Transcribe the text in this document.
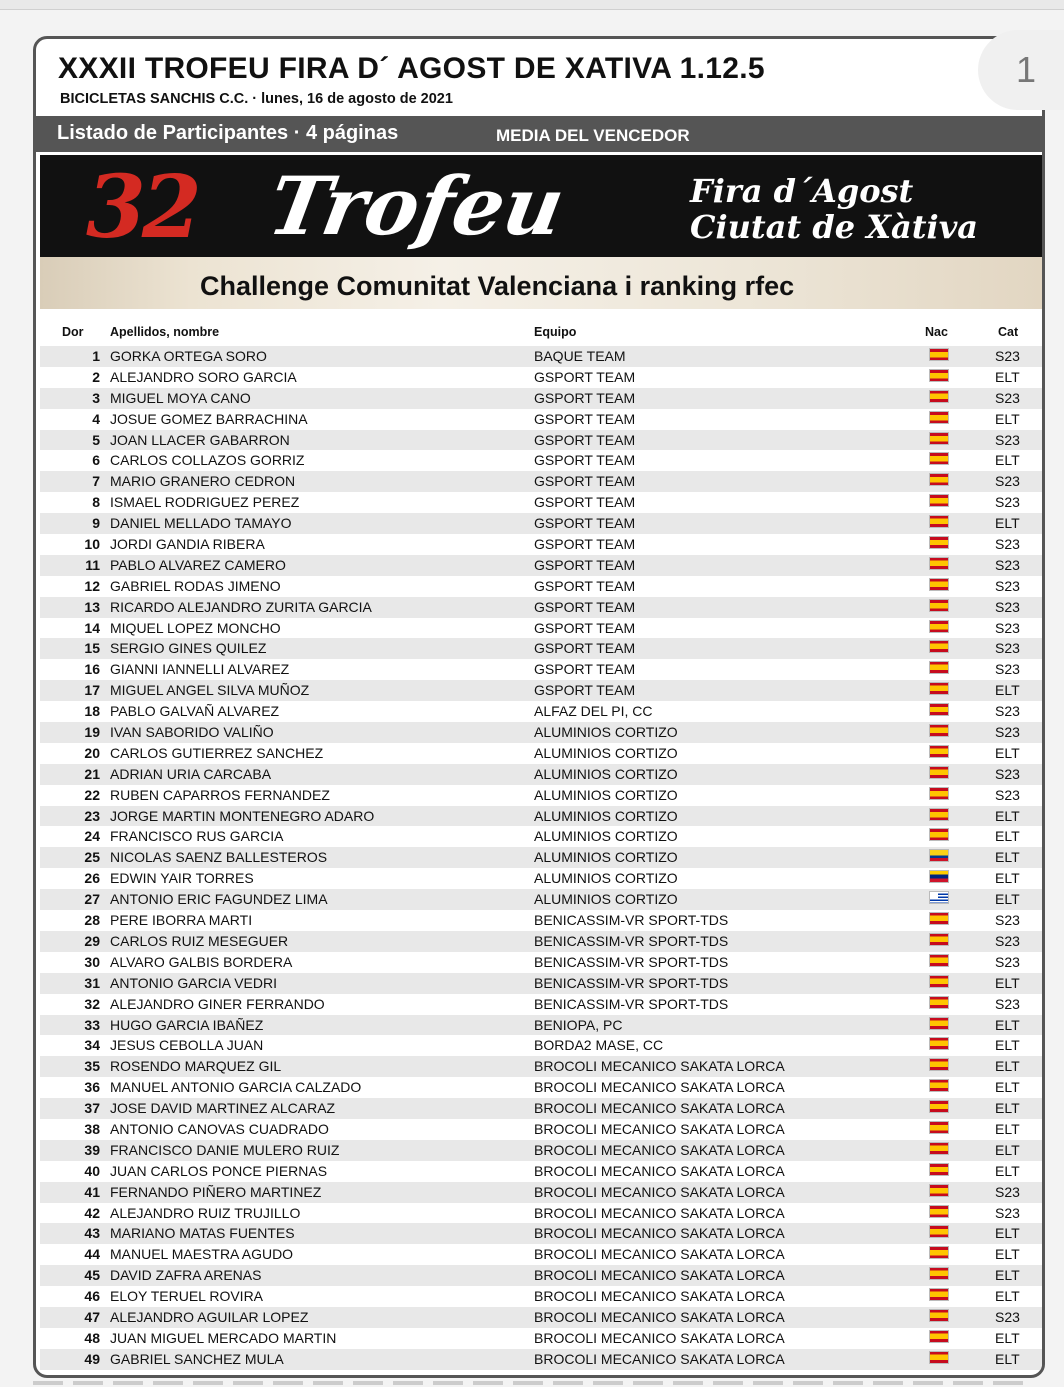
XXXII TROFEU FIRA D´ AGOST DE XATIVA 1.12.5
BICICLETAS SANCHIS C.C. · lunes, 16 de agosto de 2021
Listado de Participantes · 4 páginas	MEDIA DEL VENCEDOR
32 Trofeu	Fira d´Agost
Ciutat de Xàtiva
Challenge Comunitat Valenciana i ranking rfec
Dor Apellidos, nombre	Equipo	Nac	Cat
1 GORKA ORTEGA SORO	BAQUE TEAM	S23
2 ALEJANDRO SORO GARCIA	GSPORT TEAM	ELT
3 MIGUEL MOYA CANO	GSPORT TEAM	S23
4 JOSUE GOMEZ BARRACHINA	GSPORT TEAM	ELT
5 JOAN LLACER GABARRON	GSPORT TEAM	S23
6 CARLOS COLLAZOS GORRIZ	GSPORT TEAM	ELT
7 MARIO GRANERO CEDRON	GSPORT TEAM	S23
8 ISMAEL RODRIGUEZ PEREZ	GSPORT TEAM	S23
9 DANIEL MELLADO TAMAYO	GSPORT TEAM	ELT
10 JORDI GANDIA RIBERA	GSPORT TEAM	S23
11 PABLO ALVAREZ CAMERO	GSPORT TEAM	S23
12 GABRIEL RODAS JIMENO	GSPORT TEAM	S23
13 RICARDO ALEJANDRO ZURITA GARCIA	GSPORT TEAM	S23
14 MIQUEL LOPEZ MONCHO	GSPORT TEAM	S23
15 SERGIO GINES QUILEZ	GSPORT TEAM	S23
16 GIANNI IANNELLI ALVAREZ	GSPORT TEAM	S23
17 MIGUEL ANGEL SILVA MUÑOZ	GSPORT TEAM	ELT
18 PABLO GALVAÑ ALVAREZ	ALFAZ DEL PI, CC	S23
19 IVAN SABORIDO VALIÑO	ALUMINIOS CORTIZO	S23
20 CARLOS GUTIERREZ SANCHEZ	ALUMINIOS CORTIZO	ELT
21 ADRIAN URIA CARCABA	ALUMINIOS CORTIZO	S23
22 RUBEN CAPARROS FERNANDEZ	ALUMINIOS CORTIZO	S23
23 JORGE MARTIN MONTENEGRO ADARO	ALUMINIOS CORTIZO	ELT
24 FRANCISCO RUS GARCIA	ALUMINIOS CORTIZO	ELT
25 NICOLAS SAENZ BALLESTEROS	ALUMINIOS CORTIZO	ELT
26 EDWIN YAIR TORRES	ALUMINIOS CORTIZO	ELT
27 ANTONIO ERIC FAGUNDEZ LIMA	ALUMINIOS CORTIZO	ELT
28 PERE IBORRA MARTI	BENICASSIM-VR SPORT-TDS	S23
29 CARLOS RUIZ MESEGUER	BENICASSIM-VR SPORT-TDS	S23
30 ALVARO GALBIS BORDERA	BENICASSIM-VR SPORT-TDS	S23
31 ANTONIO GARCIA VEDRI	BENICASSIM-VR SPORT-TDS	ELT
32 ALEJANDRO GINER FERRANDO	BENICASSIM-VR SPORT-TDS	S23
33 HUGO GARCIA IBAÑEZ	BENIOPA, PC	ELT
34 JESUS CEBOLLA JUAN	BORDA2 MASE, CC	ELT
35 ROSENDO MARQUEZ GIL	BROCOLI MECANICO SAKATA LORCA	ELT
36 MANUEL ANTONIO GARCIA CALZADO	BROCOLI MECANICO SAKATA LORCA	ELT
37 JOSE DAVID MARTINEZ ALCARAZ	BROCOLI MECANICO SAKATA LORCA	ELT
38 ANTONIO CANOVAS CUADRADO	BROCOLI MECANICO SAKATA LORCA	ELT
39 FRANCISCO DANIE MULERO RUIZ	BROCOLI MECANICO SAKATA LORCA	ELT
40 JUAN CARLOS PONCE PIERNAS	BROCOLI MECANICO SAKATA LORCA	ELT
41 FERNANDO PIÑERO MARTINEZ	BROCOLI MECANICO SAKATA LORCA	S23
42 ALEJANDRO RUIZ TRUJILLO	BROCOLI MECANICO SAKATA LORCA	S23
43 MARIANO MATAS FUENTES	BROCOLI MECANICO SAKATA LORCA	ELT
44 MANUEL MAESTRA AGUDO	BROCOLI MECANICO SAKATA LORCA	ELT
45 DAVID ZAFRA ARENAS	BROCOLI MECANICO SAKATA LORCA	ELT
46 ELOY TERUEL ROVIRA	BROCOLI MECANICO SAKATA LORCA	ELT
47 ALEJANDRO AGUILAR LOPEZ	BROCOLI MECANICO SAKATA LORCA	S23
48 JUAN MIGUEL MERCADO MARTIN	BROCOLI MECANICO SAKATA LORCA	ELT
49 GABRIEL SANCHEZ MULA	BROCOLI MECANICO SAKATA LORCA	ELT
1
